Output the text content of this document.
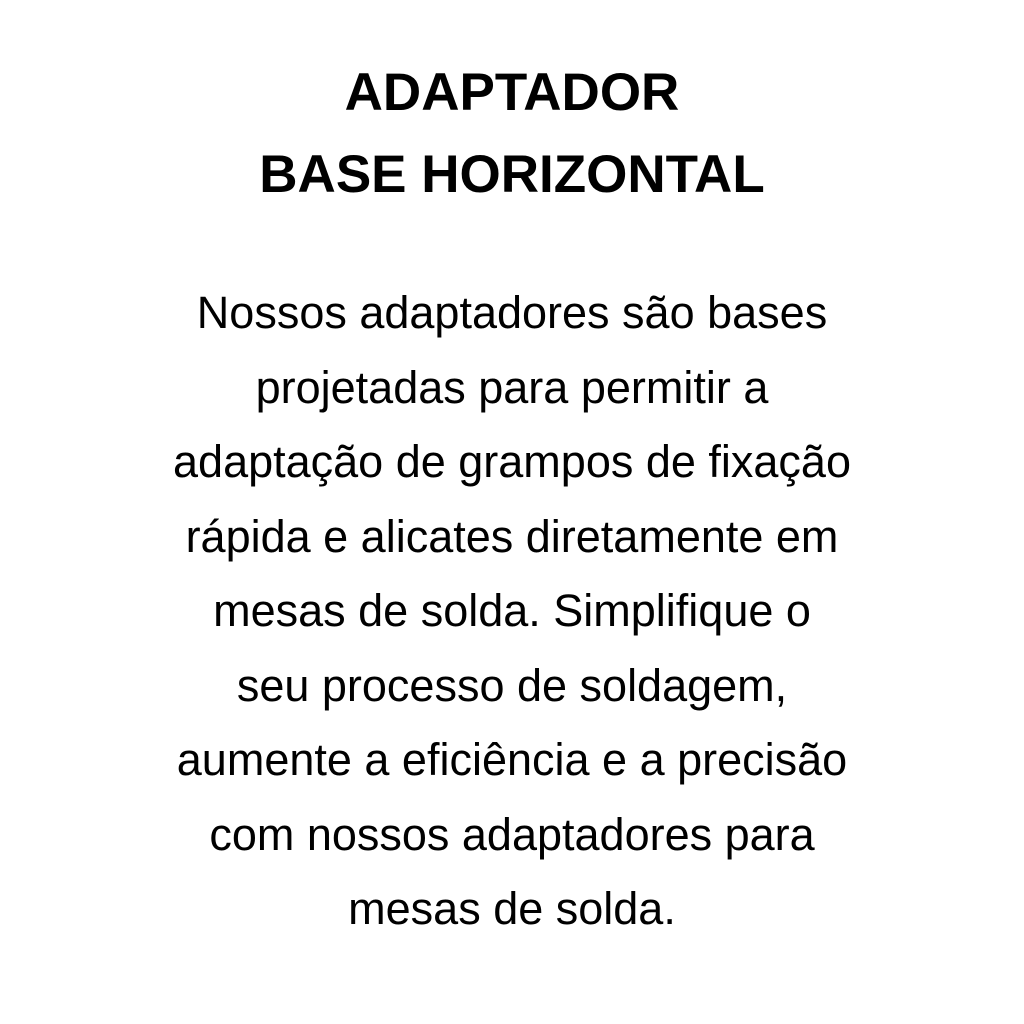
ADAPTADOR
BASE HORIZONTAL

Nossos adaptadores são bases
projetadas para permitir a
adaptação de grampos de fixação
rápida e alicates diretamente em
mesas de solda. Simplifique o
seu processo de soldagem,
aumente a eficiência e a precisão
com nossos adaptadores para
mesas de solda.
